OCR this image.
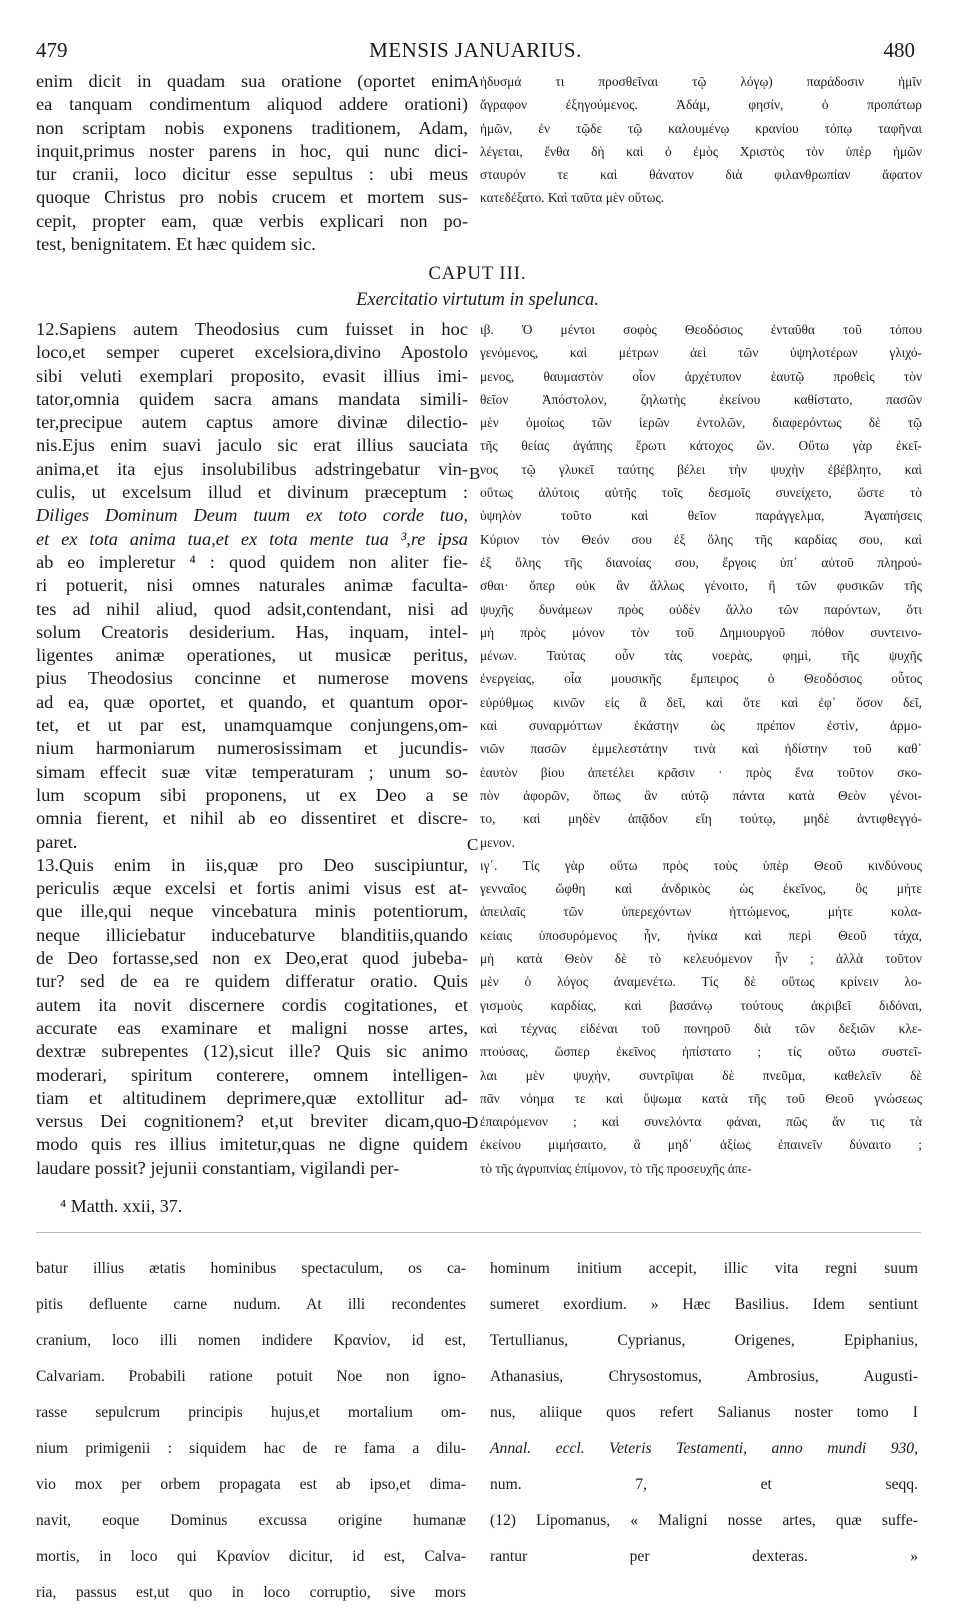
479	MENSIS JANUARIUS.	480

enim dicit in quadam sua oratione (oportet enim

ea tanquam condimentum aliquod addere orationi)

non scriptam nobis exponens traditionem, Adam,

inquit,primus noster parens in hoc, qui nunc dici-

tur cranii, loco dicitur esse sepultus : ubi meus

quoque Christus pro nobis crucem et mortem sus-

cepit, propter eam, quæ verbis explicari non po-

test, benignitatem. Et hæc quidem sic.

ἡδυσμά τι προσθεῖναι τῷ λόγῳ) παράδοσιν ἡμῖν

ἄγραφον ἐξηγούμενος. Ἀδάμ, φησίν, ὁ προπάτωρ

ἡμῶν, ἐν τῷδε τῷ καλουμένῳ κρανίου τόπῳ ταφῆναι

λέγεται, ἔνθα δὴ καὶ ὁ ἐμὸς Χριστὸς τὸν ὑπὲρ ἡμῶν

σταυρόν τε καὶ θάνατον διὰ φιλανθρωπίαν ἄφατον

κατεδέξατο. Καὶ ταῦτα μὲν οὕτως.

CAPUT III.
Exercitatio virtutum in spelunca.

12.Sapiens autem Theodosius cum fuisset in hoc

loco,et semper cuperet excelsiora,divino Apostolo

sibi veluti exemplari proposito, evasit illius imi-

tator,omnia quidem sacra amans mandata simili-

ter,precipue autem captus amore divinæ dilectio-

nis.Ejus enim suavi jaculo sic erat illius sauciata

anima,et ita ejus insolubilibus adstringebatur vin-

culis, ut excelsum illud et divinum præceptum :

Diliges Dominum Deum tuum ex toto corde tuo,

et ex tota anima tua,et ex tota mente tua ³,re ipsa

ab eo impleretur ⁴ : quod quidem non aliter fie-

ri potuerit, nisi omnes naturales animæ faculta-

tes ad nihil aliud, quod adsit,contendant, nisi ad

solum Creatoris desiderium. Has, inquam, intel-

ligentes animæ operationes, ut musicæ peritus,

pius Theodosius concinne et numerose movens

ad ea, quæ oportet, et quando, et quantum opor-

tet, et ut par est, unamquamque conjungens,om-

nium harmoniarum numerosissimam et jucundis-

simam effecit suæ vitæ temperaturam ; unum so-

lum scopum sibi proponens, ut ex Deo a se

omnia fierent, et nihil ab eo dissentiret et discre-

paret.

13.Quis enim in iis,quæ pro Deo suscipiuntur,

periculis æque excelsi et fortis animi visus est at-

que ille,qui neque vincebatura minis potentiorum,

neque illiciebatur inducebaturve blanditiis,quando

de Deo fortasse,sed non ex Deo,erat quod jubeba-

tur? sed de ea re quidem differatur oratio. Quis

autem ita novit discernere cordis cogitationes, et

accurate eas examinare et maligni nosse artes,

dextræ subrepentes (12),sicut ille? Quis sic animo

moderari, spiritum conterere, omnem intelligen-

tiam et altitudinem deprimere,quæ extollitur ad-

versus Dei cognitionem? et,ut breviter dicam,quo-

modo quis res illius imitetur,quas ne digne quidem

laudare possit? jejunii constantiam, vigilandi per-

ιβ. Ὁ μέντοι σοφὸς Θεοδόσιος ἐνταῦθα τοῦ τόπου

γενόμενος, καὶ μέτρων ἀεὶ τῶν ὑψηλοτέρων γλιχό-

μενος, θαυμαστὸν οἷον ἀρχέτυπον ἑαυτῷ προθεὶς τὸν

θεῖον Ἀπόστολον, ζηλωτὴς ἐκείνου καθίστατο, πασῶν

μὲν ὁμοίως τῶν ἱερῶν ἐντολῶν, διαφερόντως δὲ τῷ

τῆς θείας ἀγάπης ἔρωτι κάτοχος ὤν. Οὕτω γὰρ ἐκεῖ-

νος τῷ γλυκεῖ ταύτης βέλει τὴν ψυχὴν ἐβέβλητο, καὶ

οὕτως ἀλύτοις αὐτῆς τοῖς δεσμοῖς συνείχετο, ὥστε τὸ

ὑψηλὸν τοῦτο καὶ θεῖον παράγγελμα, Ἀγαπήσεις

Κύριον τὸν Θεόν σου ἐξ ὅλης τῆς καρδίας σου, καὶ

ἐξ ὅλης τῆς διανοίας σου, ἔργοις ὑπ᾽ αὐτοῦ πληρού-

σθαι· ὅπερ οὐκ ἂν ἄλλως γένοιτο, ἢ τῶν φυσικῶν τῆς

ψυχῆς δυνάμεων πρὸς οὐδὲν ἄλλο τῶν παρόντων, ὅτι

μὴ πρὸς μόνον τὸν τοῦ Δημιουργοῦ πόθον συντεινο-

μένων. Ταύτας οὖν τὰς νοερὰς, φημὶ, τῆς ψυχῆς

ἐνεργείας, οἷα μουσικῆς ἔμπειρος ὁ Θεοδόσιος οὗτος

εὐρύθμως κινῶν εἰς ἃ δεῖ, καὶ ὅτε καὶ ἐφ᾽ ὅσον δεῖ,

καὶ συναρμόττων ἑκάστην ὡς πρέπον ἐστὶν, ἁρμο-

νιῶν πασῶν ἐμμελεστάτην τινὰ καὶ ἡδίστην τοῦ καθ᾽

ἑαυτὸν βίου ἀπετέλει κρᾶσιν · πρὸς ἕνα τοῦτον σκο-

πὸν ἀφορῶν, ὅπως ἂν αὐτῷ πάντα κατὰ Θεὸν γένοι-

το, καὶ μηδὲν ἀπᾷδον εἴη τούτῳ, μηδὲ ἀντιφθεγγό-

μενον.

ιγ΄. Τίς γὰρ οὕτω πρὸς τοὺς ὑπὲρ Θεοῦ κινδύνους

γενναῖος ὤφθη καὶ ἀνδρικὸς ὡς ἐκεῖνος, ὃς μήτε

ἀπειλαῖς τῶν ὑπερεχόντων ἡττώμενος, μήτε κολα-

κείαις ὑποσυρόμενος ἦν, ἡνίκα καὶ περὶ Θεοῦ τάχα,

μὴ κατὰ Θεὸν δὲ τὸ κελευόμενον ἦν ; ἀλλὰ τοῦτον

μὲν ὁ λόγος ἀναμενέτω. Τίς δὲ οὕτως κρίνειν λο-

γισμοὺς καρδίας, καὶ βασάνῳ τούτους ἀκριβεῖ διδόναι,

καὶ τέχνας εἰδέναι τοῦ πονηροῦ διὰ τῶν δεξιῶν κλε-

πτούσας, ὥσπερ ἐκεῖνος ἠπίστατο ; τίς οὕτω συστεῖ-

λαι μὲν ψυχὴν, συντρῖψαι δὲ πνεῦμα, καθελεῖν δὲ

πᾶν νόημα τε καὶ ὕψωμα κατὰ τῆς τοῦ Θεοῦ γνώσεως

ἐπαιρόμενον ; καὶ συνελόντα φάναι, πῶς ἄν τις τὰ

ἐκείνου μιμήσαιτο, ἃ μηδ᾽ ἀξίως ἐπαινεῖν δύναιτο ;

τὸ τῆς ἀγρυπνίας ἐπίμονον, τὸ τῆς προσευχῆς ἀπε-

A
B
C
D
⁴ Matth. xxii, 37.

batur illius ætatis hominibus spectaculum, os ca-

pitis defluente carne nudum. At illi recondentes

cranium, loco illi nomen indidere Κρανίον, id est,

Calvariam. Probabili ratione potuit Noe non igno-

rasse sepulcrum principis hujus,et mortalium om-

nium primigenii : siquidem hac de re fama a dilu-

vio mox per orbem propagata est ab ipso,et dima-

navit, eoque Dominus excussa origine humanæ

mortis, in loco qui Κρανίον dicitur, id est, Calva-

ria, passus est,ut quo in loco corruptio, sive mors

hominum initium accepit, illic vita regni suum

sumeret exordium. » Hæc Basilius. Idem sentiunt

Tertullianus, Cyprianus, Origenes, Epiphanius,

Athanasius, Chrysostomus, Ambrosius, Augusti-

nus, aliique quos refert Salianus noster tomo I

Annal. eccl. Veteris Testamenti, anno mundi 930,

num. 7, et seqq.

(12) Lipomanus, « Maligni nosse artes, quæ suffe-

rantur per dexteras. »
